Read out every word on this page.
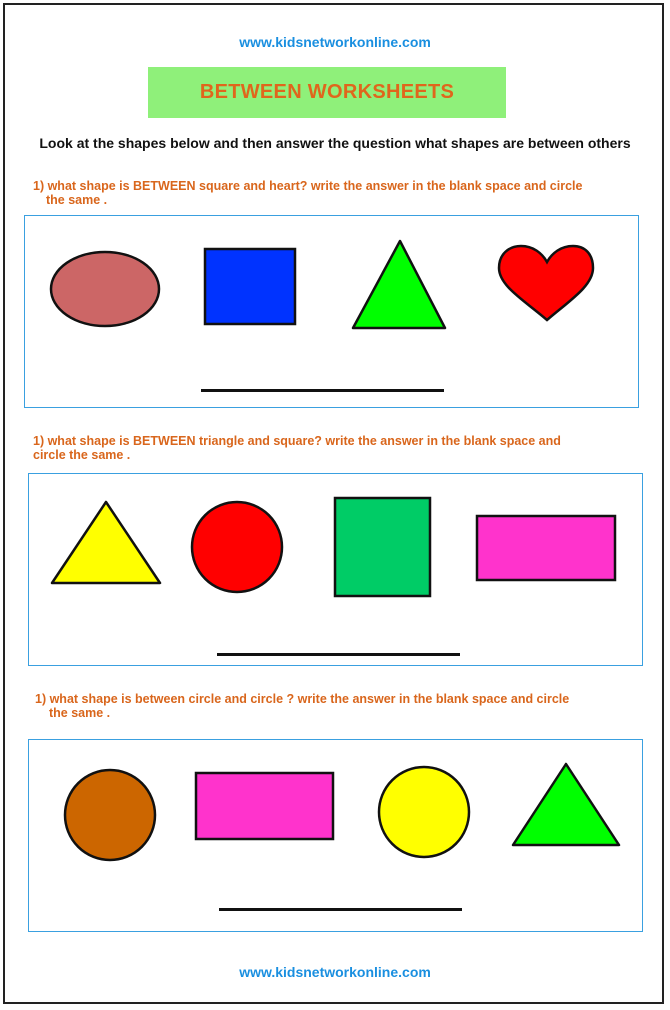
www.kidsnetworkonline.com
BETWEEN WORKSHEETS
Look at the shapes below and then answer the question what shapes are between others
1) what shape is BETWEEN square and heart? write the answer in the blank space and circle
the same .
1) what shape is BETWEEN triangle and square? write the answer in the blank space and
circle the same .
1) what shape is between circle and circle ? write the answer in the blank space and circle
the same .
www.kidsnetworkonline.com
